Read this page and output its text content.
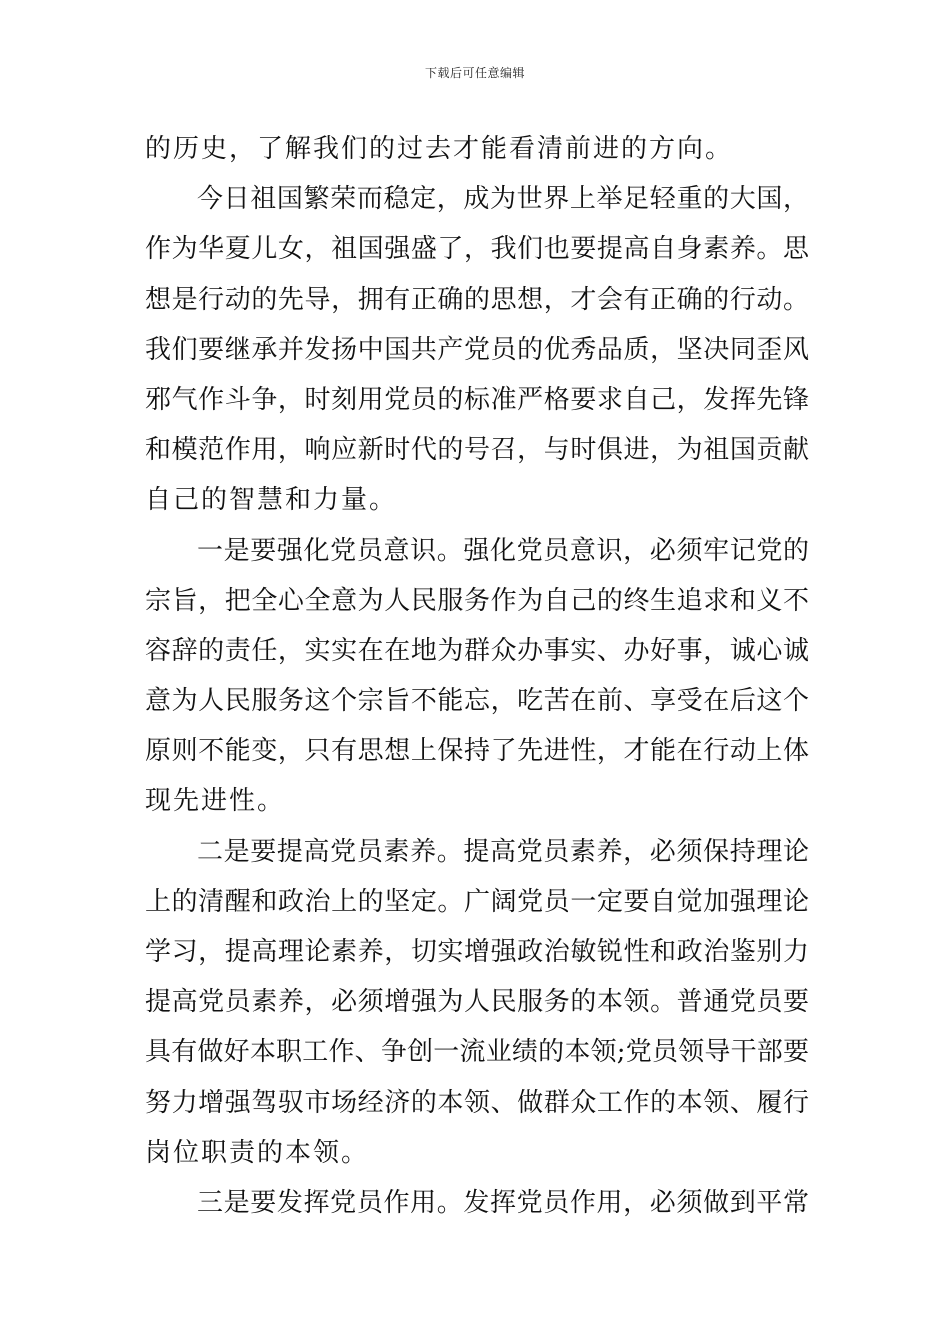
下载后可任意编辑
的历史，了解我们的过去才能看清前进的方向。
今日祖国繁荣而稳定，成为世界上举足轻重的大国，
作为华夏儿女，祖国强盛了，我们也要提高自身素养。思
想是行动的先导，拥有正确的思想，才会有正确的行动。
我们要继承并发扬中国共产党员的优秀品质，坚决同歪风
邪气作斗争，时刻用党员的标准严格要求自己，发挥先锋
和模范作用，响应新时代的号召，与时俱进，为祖国贡献
自己的智慧和力量。
一是要强化党员意识。强化党员意识，必须牢记党的
宗旨，把全心全意为人民服务作为自己的终生追求和义不
容辞的责任，实实在在地为群众办事实、办好事，诚心诚
意为人民服务这个宗旨不能忘，吃苦在前、享受在后这个
原则不能变，只有思想上保持了先进性，才能在行动上体
现先进性。
二是要提高党员素养。提高党员素养，必须保持理论
上的清醒和政治上的坚定。广阔党员一定要自觉加强理论
学习，提高理论素养，切实增强政治敏锐性和政治鉴别力
提高党员素养，必须增强为人民服务的本领。普通党员要
具有做好本职工作、争创一流业绩的本领;党员领导干部要
努力增强驾驭市场经济的本领、做群众工作的本领、履行
岗位职责的本领。
三是要发挥党员作用。发挥党员作用，必须做到平常
